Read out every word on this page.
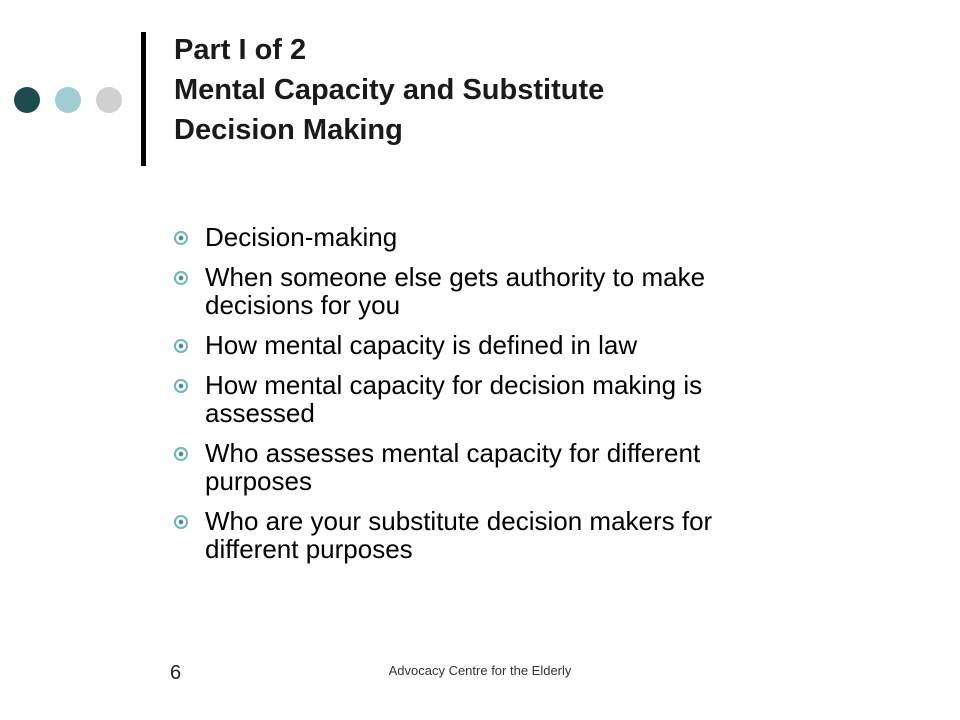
Part I of 2
Mental Capacity and Substitute
Decision Making
Decision-making
When someone else gets authority to make
decisions for you
How mental capacity is defined in law
How mental capacity for decision making is
assessed
Who assesses mental capacity for different
purposes
Who are your substitute decision makers for
different purposes
6	Advocacy Centre for the Elderly
